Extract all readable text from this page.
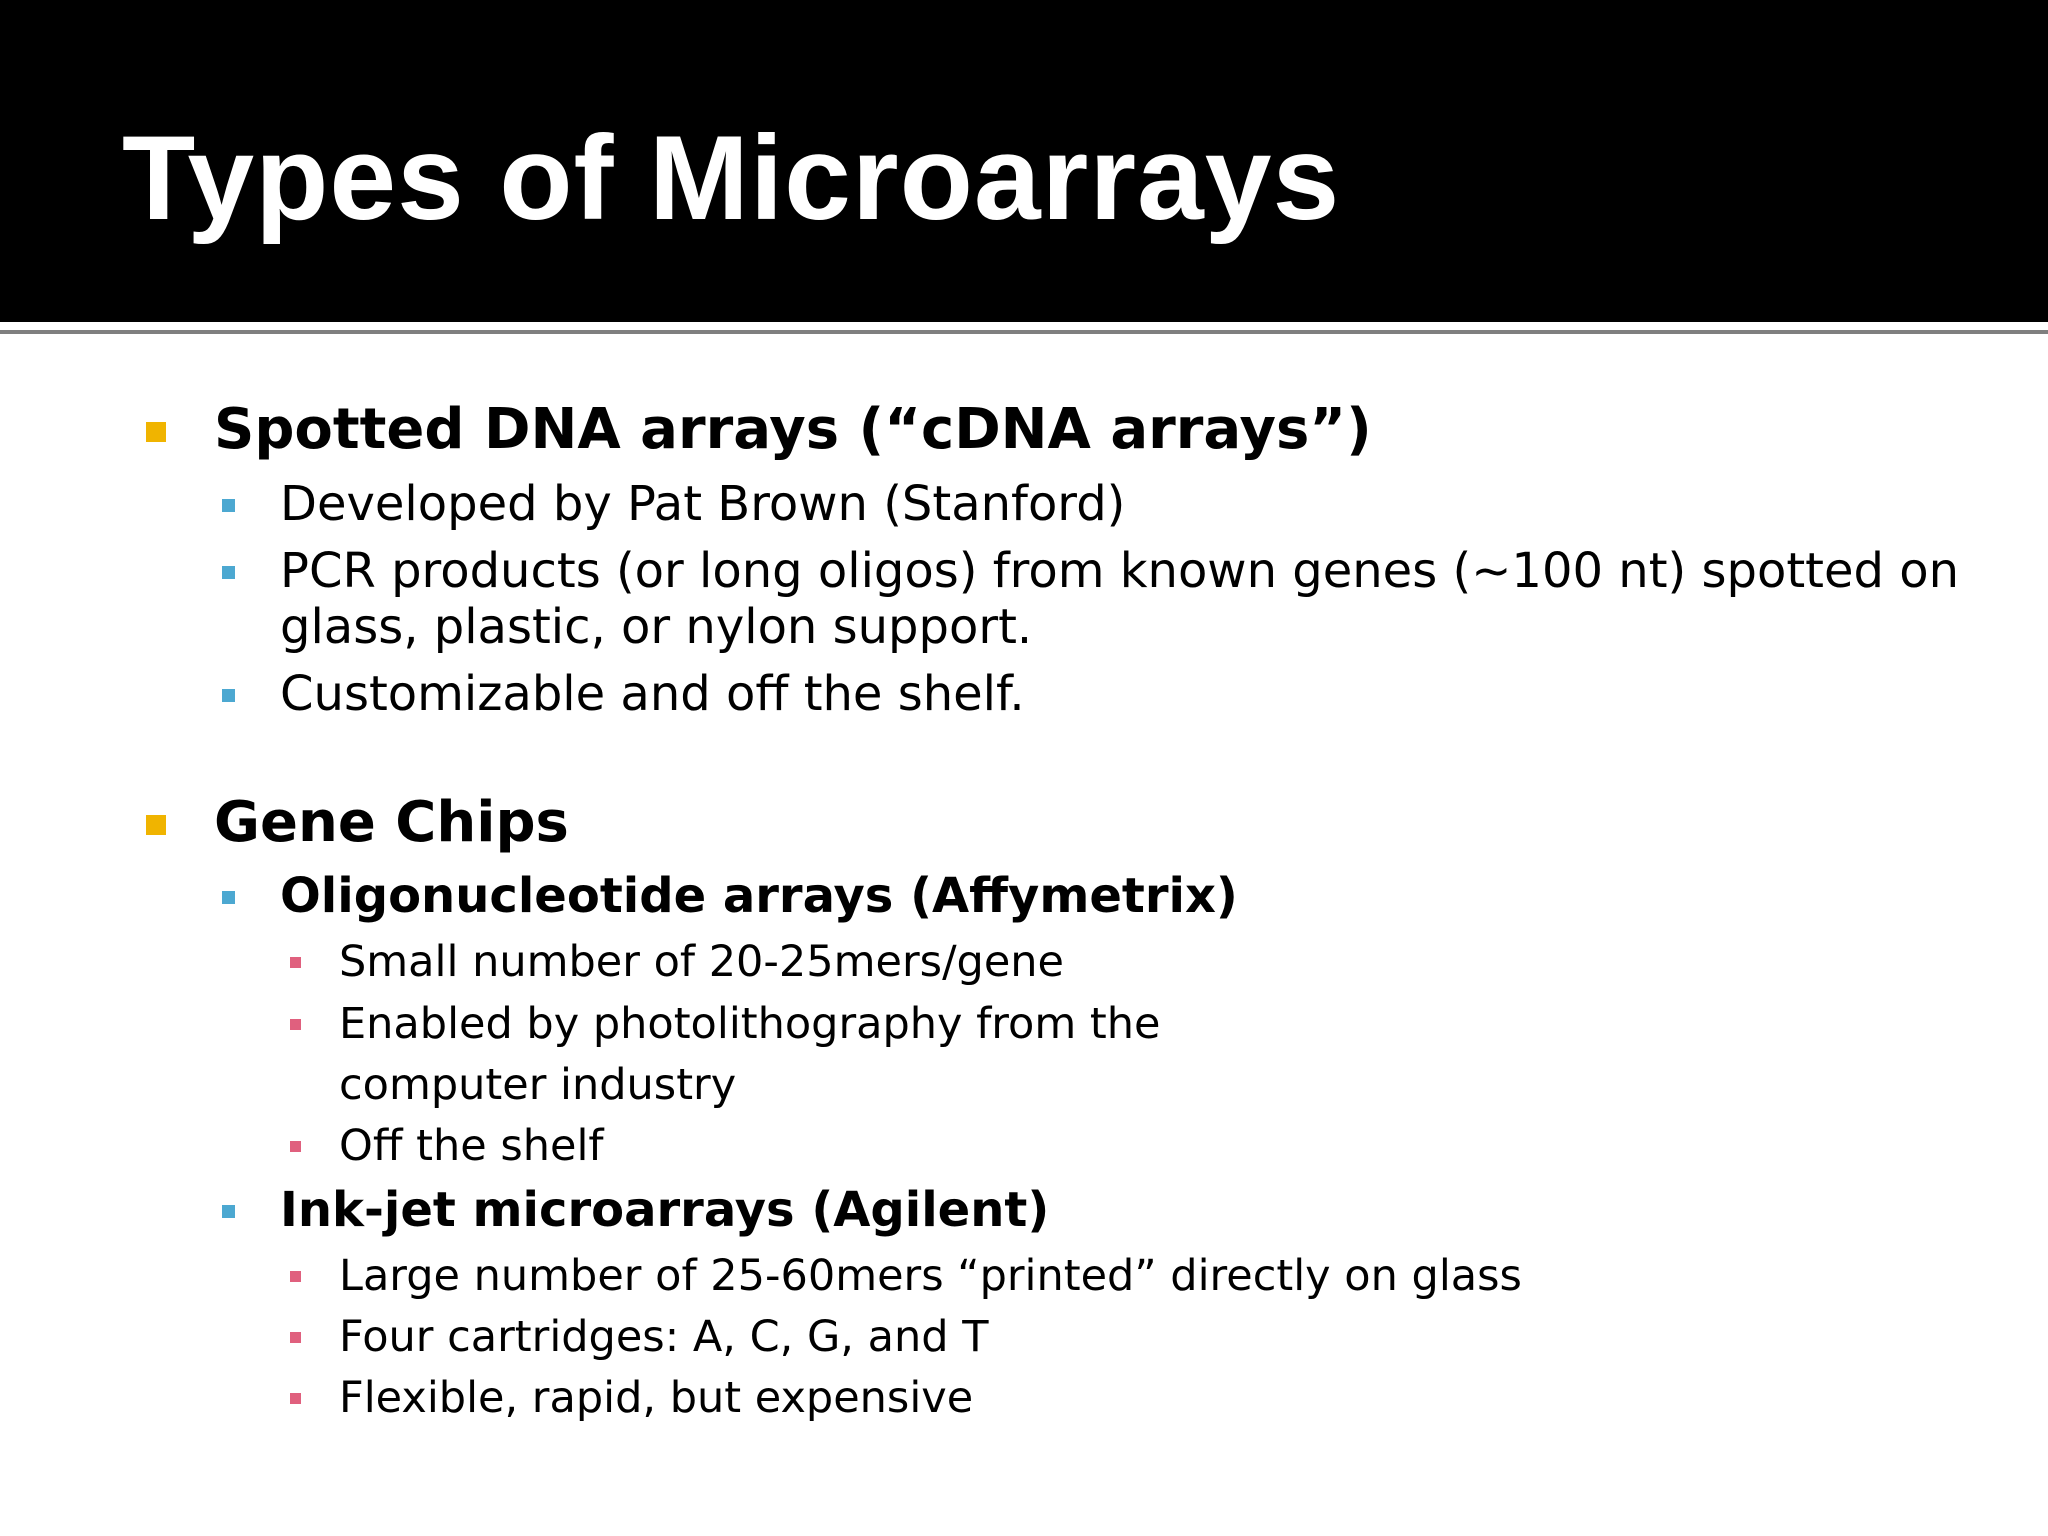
Types of Microarrays

Spotted DNA arrays (“cDNA arrays”)

Developed by Pat Brown (Stanford)

PCR products (or long oligos) from known genes (~100 nt) spotted on

glass, plastic, or nylon support.

Customizable and off the shelf.

Gene Chips

Oligonucleotide arrays (Affymetrix)

Small number of 20-25mers/gene

Enabled by photolithography from the

computer industry

Off the shelf

Ink-jet microarrays (Agilent)

Large number of 25-60mers “printed” directly on glass

Four cartridges: A, C, G, and T

Flexible, rapid, but expensive
